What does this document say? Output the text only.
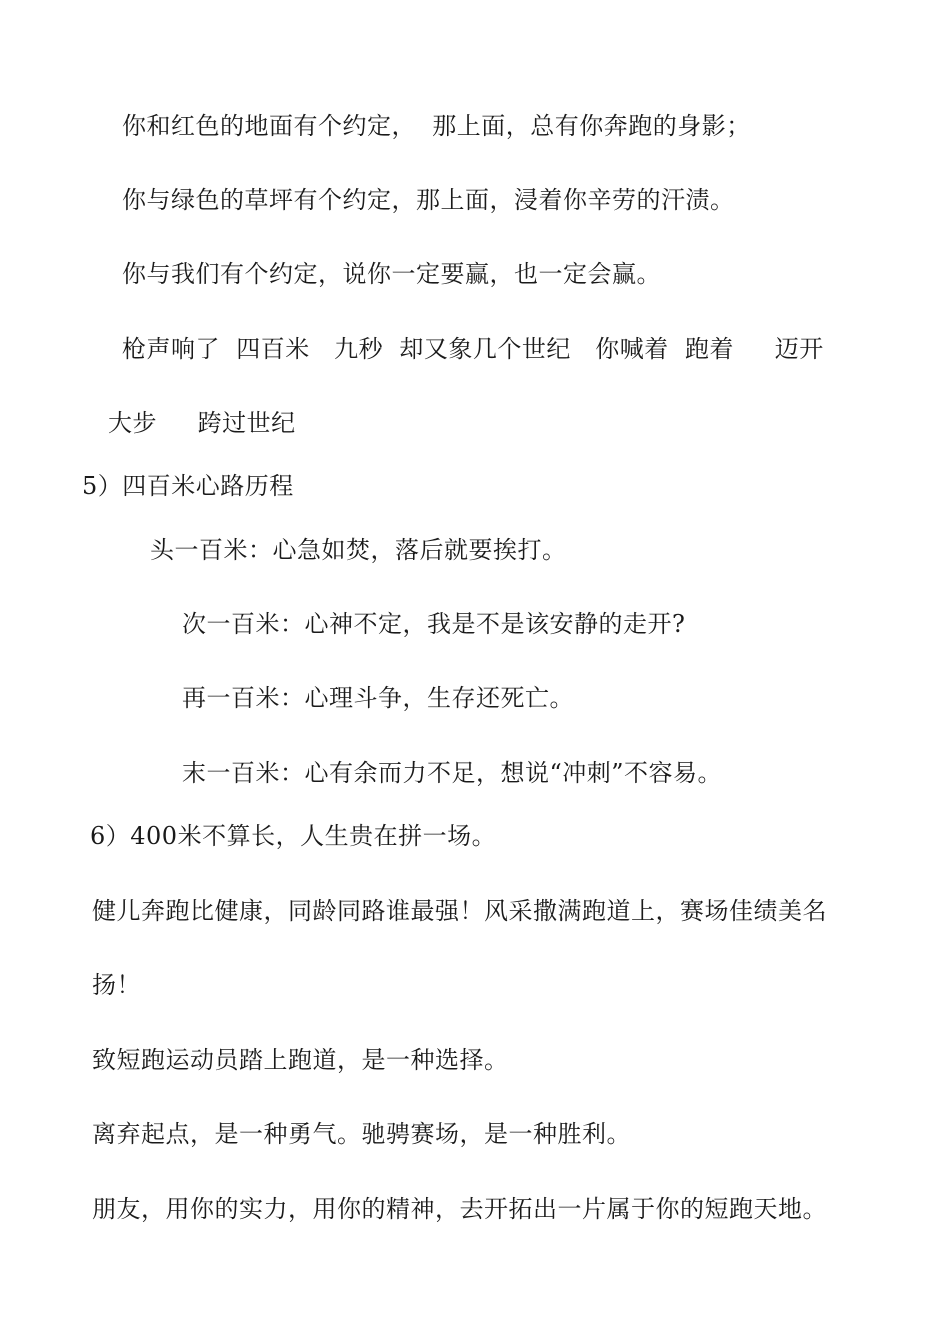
你和红色的地面有个约定，  那上面，总有你奔跑的身影；
你与绿色的草坪有个约定，那上面，浸着你辛劳的汗渍。
你与我们有个约定，说你一定要赢，也一定会赢。
枪声响了  四百米   九秒  却又象几个世纪   你喊着  跑着     迈开
大步     跨过世纪
5）四百米心路历程
头一百米：心急如焚，落后就要挨打。
次一百米：心神不定，我是不是该安静的走开?
再一百米：心理斗争，生存还死亡。
末一百米：心有余而力不足，想说“冲刺”不容易。
6）400米不算长，人生贵在拼一场。
健儿奔跑比健康，同龄同路谁最强！风采撒满跑道上，赛场佳绩美名
扬！
致短跑运动员踏上跑道，是一种选择。
离弃起点，是一种勇气。驰骋赛场，是一种胜利。
朋友，用你的实力，用你的精神，去开拓出一片属于你的短跑天地。
